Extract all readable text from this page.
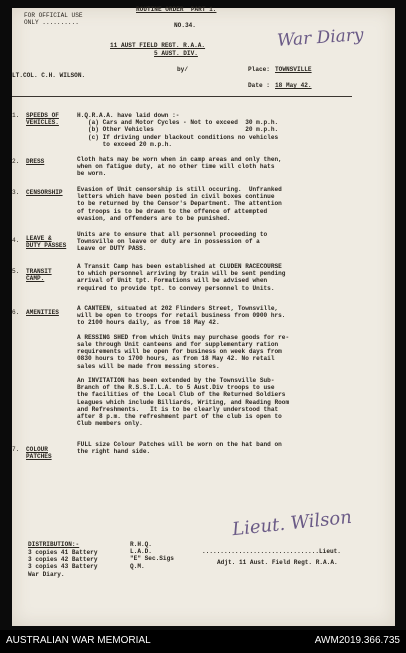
FOR OFFICIAL USE
ONLY ..........
ROUTINE ORDER  PART 1.
NO.34.
11 AUST FIELD REGT. R.A.A.
5 AUST. DIV.
by/
LT.COL. C.H. WILSON.
Place: TOWNSVILLE
Date : 18 May 42.
War Diary
1. SPEEDS OF
VEHICLES.
H.Q.R.A.A. have laid down :-
(a) Cars and Motor Cycles - Not to exceed  30 m.p.h.
(b) Other Vehicles                         20 m.p.h.
(c) If driving under blackout conditions no vehicles
to exceed 20 m.p.h.
2. DRESS	Cloth hats may be worn when in camp areas and only then,
when on fatigue duty, at no other time will cloth hats
be worn.
3. CENSORSHIP Evasion of Unit censorship is still occuring.  Unfranked
letters which have been posted in civil boxes continue
to be returned by the Censor's Department. The attention
of troops is to be drawn to the offence of attempted
evasion, and offenders are to be punished.
4. LEAVE &
DUTY PASSES
Units are to ensure that all personnel proceeding to
Townsville on leave or duty are in possession of a
Leave or DUTY PASS.
5. TRANSIT
CAMP.
A Transit Camp has been established at CLUDEN RACECOURSE
to which personnel arriving by train will be sent pending
arrival of Unit tpt. Formations will be advised when
required to provide tpt. to convey personnel to Units.
6. AMENITIES
A CANTEEN, situated at 202 Flinders Street, Townsville,
will be open to troops for retail business from 0900 hrs.
to 2100 hours daily, as from 18 May 42.

A RESSING SHED from which Units may purchase goods for re-
sale through Unit canteens and for supplementary ration
requirements will be open for business on week days from
0830 hours to 1700 hours, as from 18 May 42. No retail
sales will be made from messing stores.

An INVITATION has been extended by the Townsville Sub-
Branch of the R.S.S.I.L.A. to 5 Aust.Div troops to use
the facilities of the Local Club of the Returned Soldiers
Leagues which include Billiards, Writing, and Reading Room
and Refreshments.   It is to be clearly understood that
after 8 p.m. the refreshment part of the club is open to
Club members only.
7. COLOUR
PATCHES
FULL size Colour Patches will be worn on the hat band on
the right hand side.
Lieut. Wilson
DISTRIBUTION:-
3 copies 41 Battery
3 copies 42 Battery
3 copies 43 Battery
War Diary.
R.H.Q.
L.A.D.
"E" Sec.Sigs
Q.M.
................................Lieut.
Adjt. 11 Aust. Field Regt. R.A.A.
AUSTRALIAN WAR MEMORIAL	AWM2019.366.735
